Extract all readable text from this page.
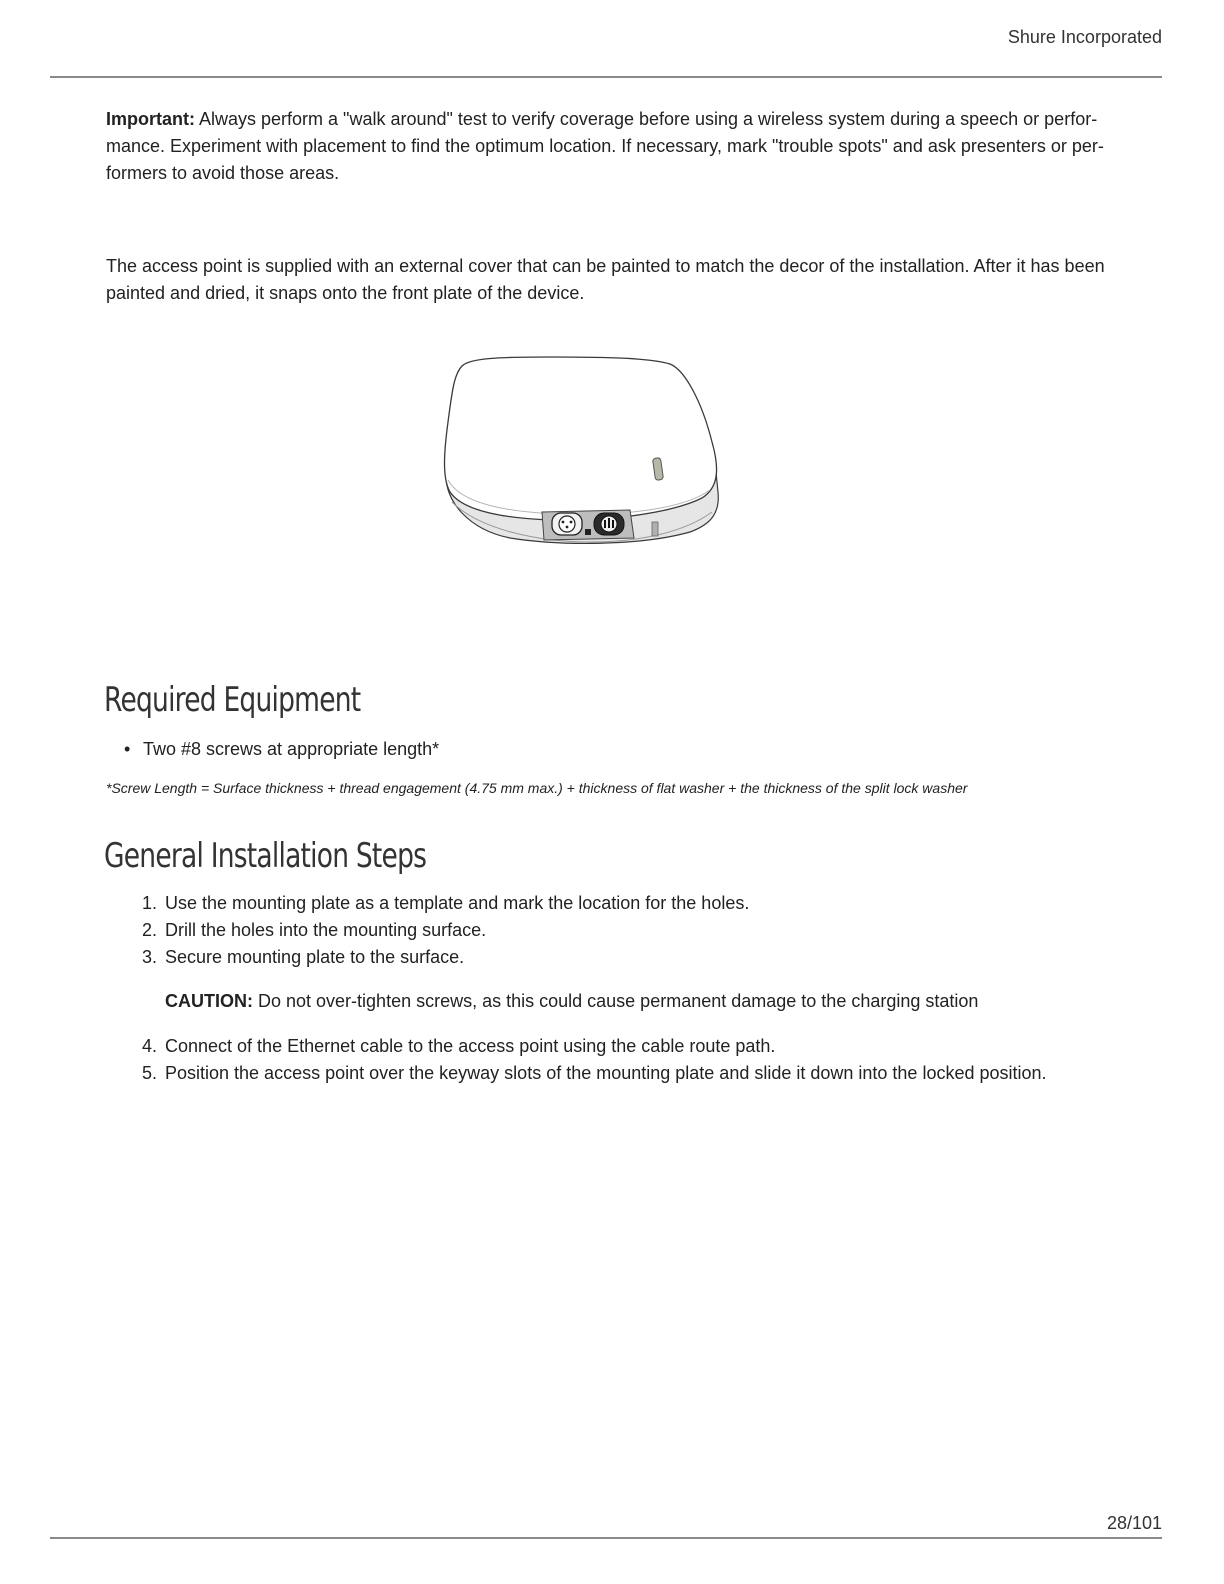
Shure Incorporated
Important: Always perform a "walk around" test to verify coverage before using a wireless system during a speech or perfor-mance. Experiment with placement to find the optimum location. If necessary, mark "trouble spots" and ask presenters or per-formers to avoid those areas.
The access point is supplied with an external cover that can be painted to match the decor of the installation. After it has been painted and dried, it snaps onto the front plate of the device.
Required Equipment
• Two #8 screws at appropriate length*
*Screw Length = Surface thickness + thread engagement (4.75 mm max.) + thickness of flat washer + the thickness of the split lock washer
General Installation Steps
1. Use the mounting plate as a template and mark the location for the holes.
2. Drill the holes into the mounting surface.
3. Secure mounting plate to the surface.
CAUTION: Do not over-tighten screws, as this could cause permanent damage to the charging station
4. Connect of the Ethernet cable to the access point using the cable route path.
5. Position the access point over the keyway slots of the mounting plate and slide it down into the locked position.
28/101
